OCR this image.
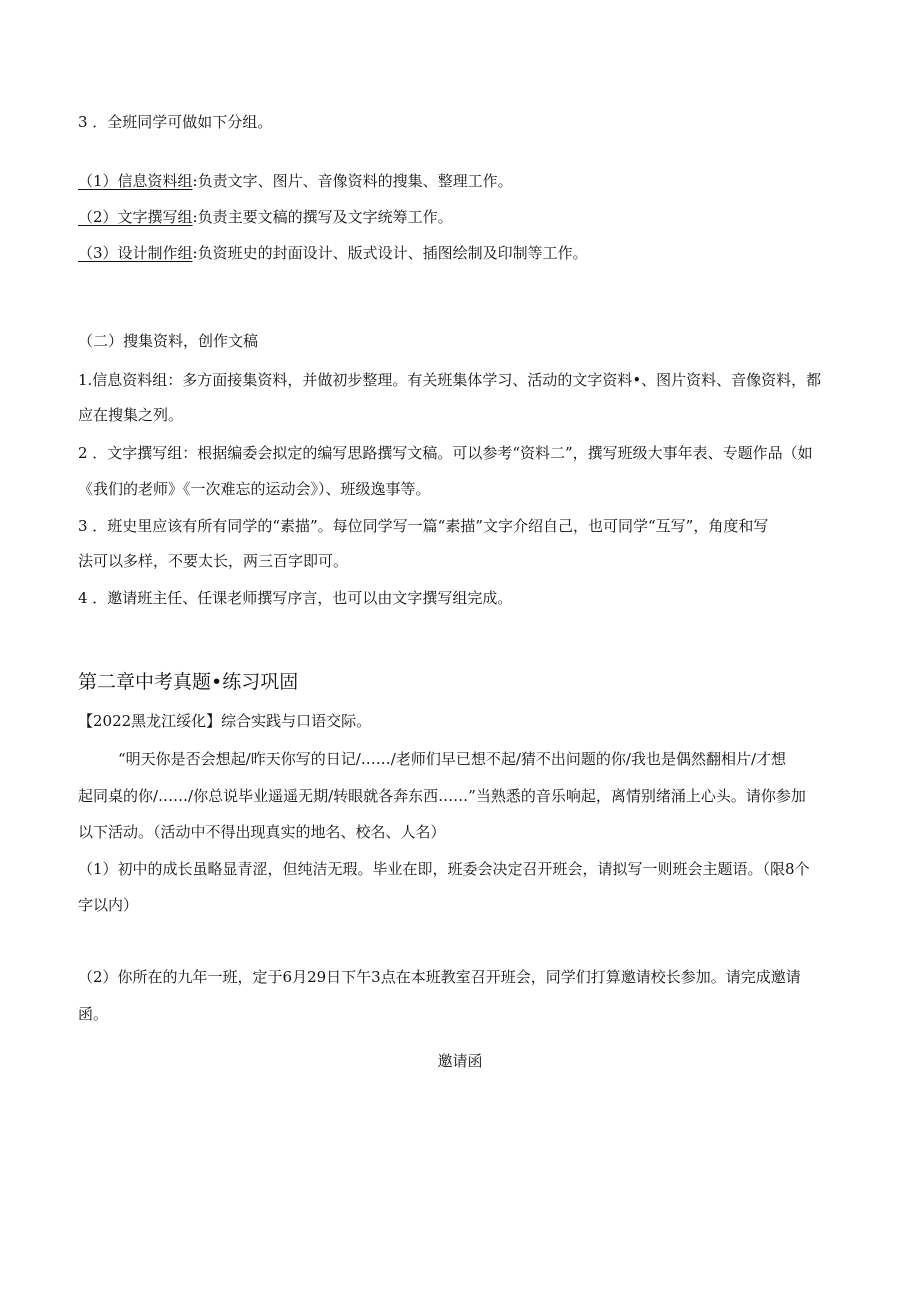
3 ．全班同学可做如下分组。
（1）信息资料组:负责文字、图片、音像资料的搜集、整理工作。
（2）文字撰写组:负责主要文稿的撰写及文字统筹工作。
（3）设计制作组:负资班史的封面设计、版式设计、插图绘制及印制等工作。
（二）搜集资料，创作文稿
1.信息资料组：多方面接集资料，并做初步整理。有关班集体学习、活动的文字资料•、图片资料、音像资料，都
应在搜集之列。
2 ．文字撰写组：根据编委会拟定的编写思路撰写文稿。可以参考“资料二”，撰写班级大事年表、专题作品（如
《我们的老师》《一次难忘的运动会》）、班级逸事等。
3 ．班史里应该有所有同学的“素描”。每位同学写一篇“素描”文字介绍自己，也可同学“互写”，角度和写
法可以多样，不要太长，两三百字即可。
4 ．邀请班主任、任课老师撰写序言，也可以由文字撰写组完成。
第二章中考真题•练习巩固
【2022黑龙江绥化】综合实践与口语交际。
“明天你是否会想起/昨天你写的日记/……/老师们早已想不起/猜不出问题的你/我也是偶然翻相片/才想
起同桌的你/……/你总说毕业遥遥无期/转眼就各奔东西……”当熟悉的音乐响起，离情别绪涌上心头。请你参加
以下活动。（活动中不得出现真实的地名、校名、人名）
（1）初中的成长虽略显青涩，但纯洁无瑕。毕业在即，班委会决定召开班会，请拟写一则班会主题语。（限8个
字以内）
（2）你所在的九年一班，定于6月29日下午3点在本班教室召开班会，同学们打算邀请校长参加。请完成邀请
函。
邀请函
